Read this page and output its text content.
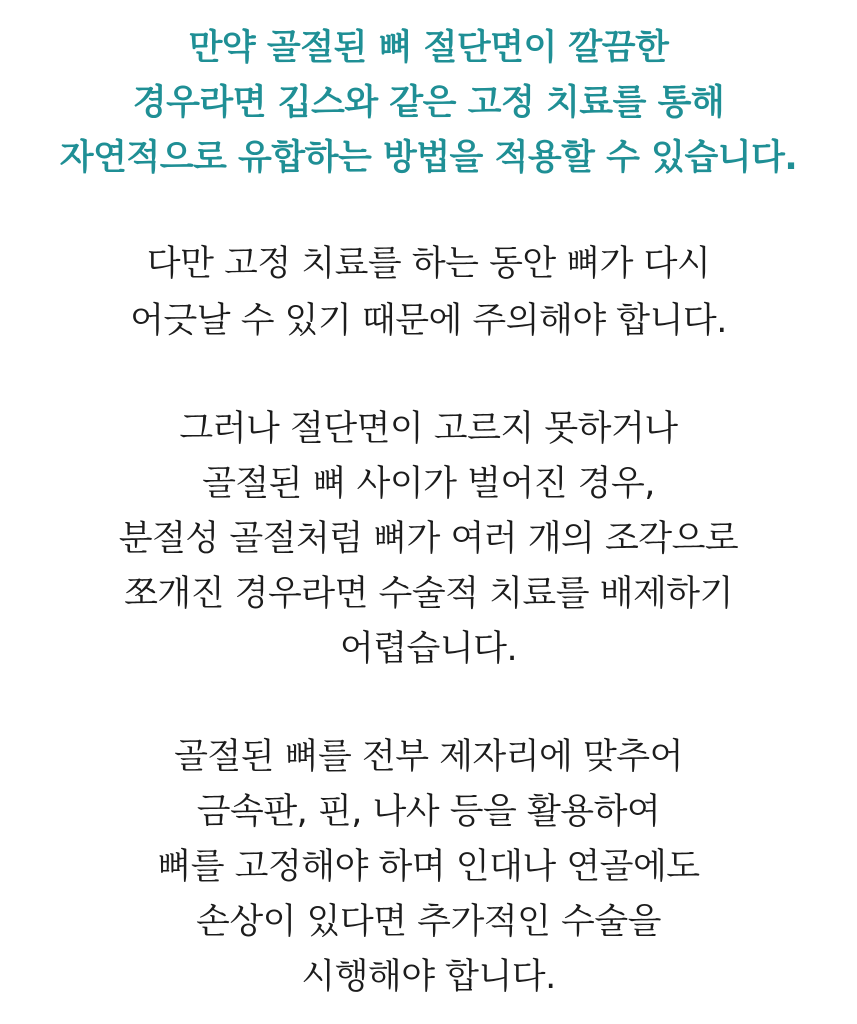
만약 골절된 뼈 절단면이 깔끔한
경우라면 깁스와 같은 고정 치료를 통해
자연적으로 유합하는 방법을 적용할 수 있습니다.
다만 고정 치료를 하는 동안 뼈가 다시
어긋날 수 있기 때문에 주의해야 합니다.
그러나 절단면이 고르지 못하거나
골절된 뼈 사이가 벌어진 경우,
분절성 골절처럼 뼈가 여러 개의 조각으로
쪼개진 경우라면 수술적 치료를 배제하기
어렵습니다.
골절된 뼈를 전부 제자리에 맞추어
금속판, 핀, 나사 등을 활용하여
뼈를 고정해야 하며 인대나 연골에도
손상이 있다면 추가적인 수술을
시행해야 합니다.
